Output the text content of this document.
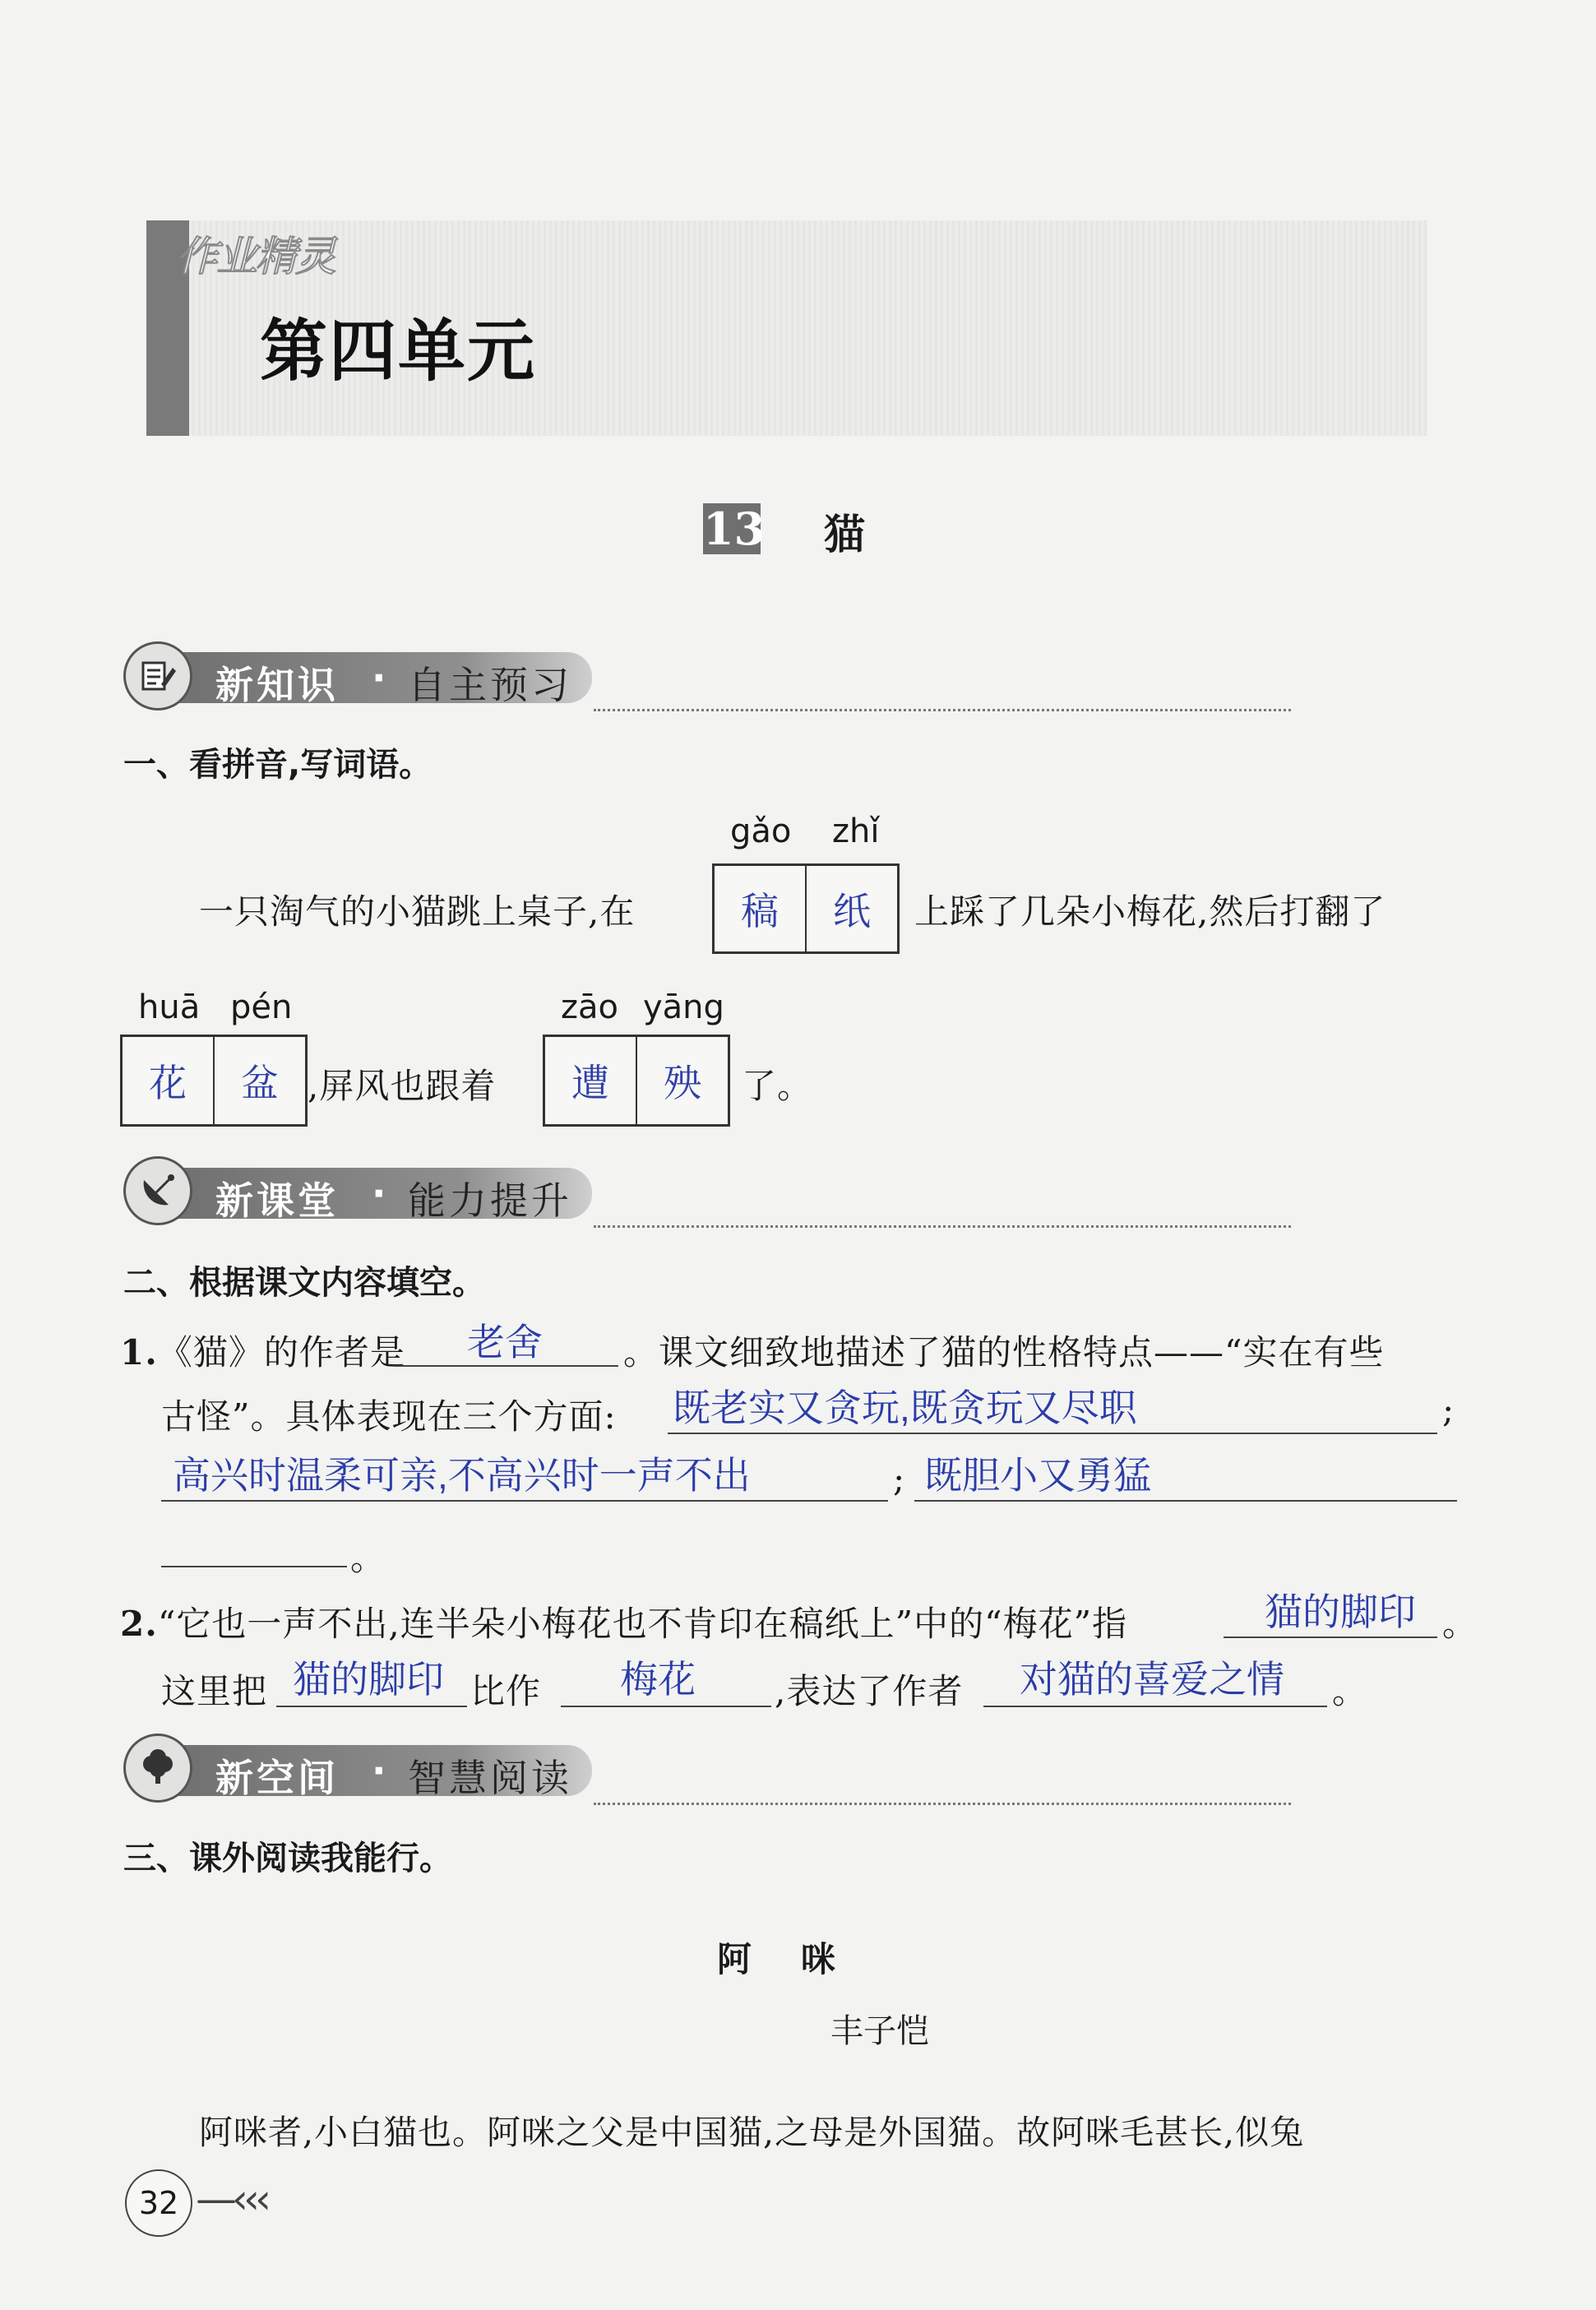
作业精灵
第四单元
13 猫
新知识 · 自主预习
一、看拼音,写词语。
gǎo zhǐ
一只淘气的小猫跳上桌子,在	稿	纸	上踩了几朵小梅花,然后打翻了
huā pén	zāo yāng
花	盆 ,屏风也跟着	遭	殃	了。
新课堂 · 能力提升
二、根据课文内容填空。
1.《猫》的作者是 老舍 。课文细致地描述了猫的性格特点——“实在有些
古怪”。具体表现在三个方面: 既老实又贪玩,既贪玩又尽职	;
高兴时温柔可亲,不高兴时一声不出	; 既胆小又勇猛
。
2.“它也一声不出,连半朵小梅花也不肯印在稿纸上”中的“梅花”指	猫的脚印 。
这里把 猫的脚印 比作 梅花 ,表达了作者 对猫的喜爱之情 。
新空间 · 智慧阅读
三、课外阅读我能行。
阿咪
丰子恺
阿咪者,小白猫也。阿咪之父是中国猫,之母是外国猫。故阿咪毛甚长,似兔
32 —‹‹‹
